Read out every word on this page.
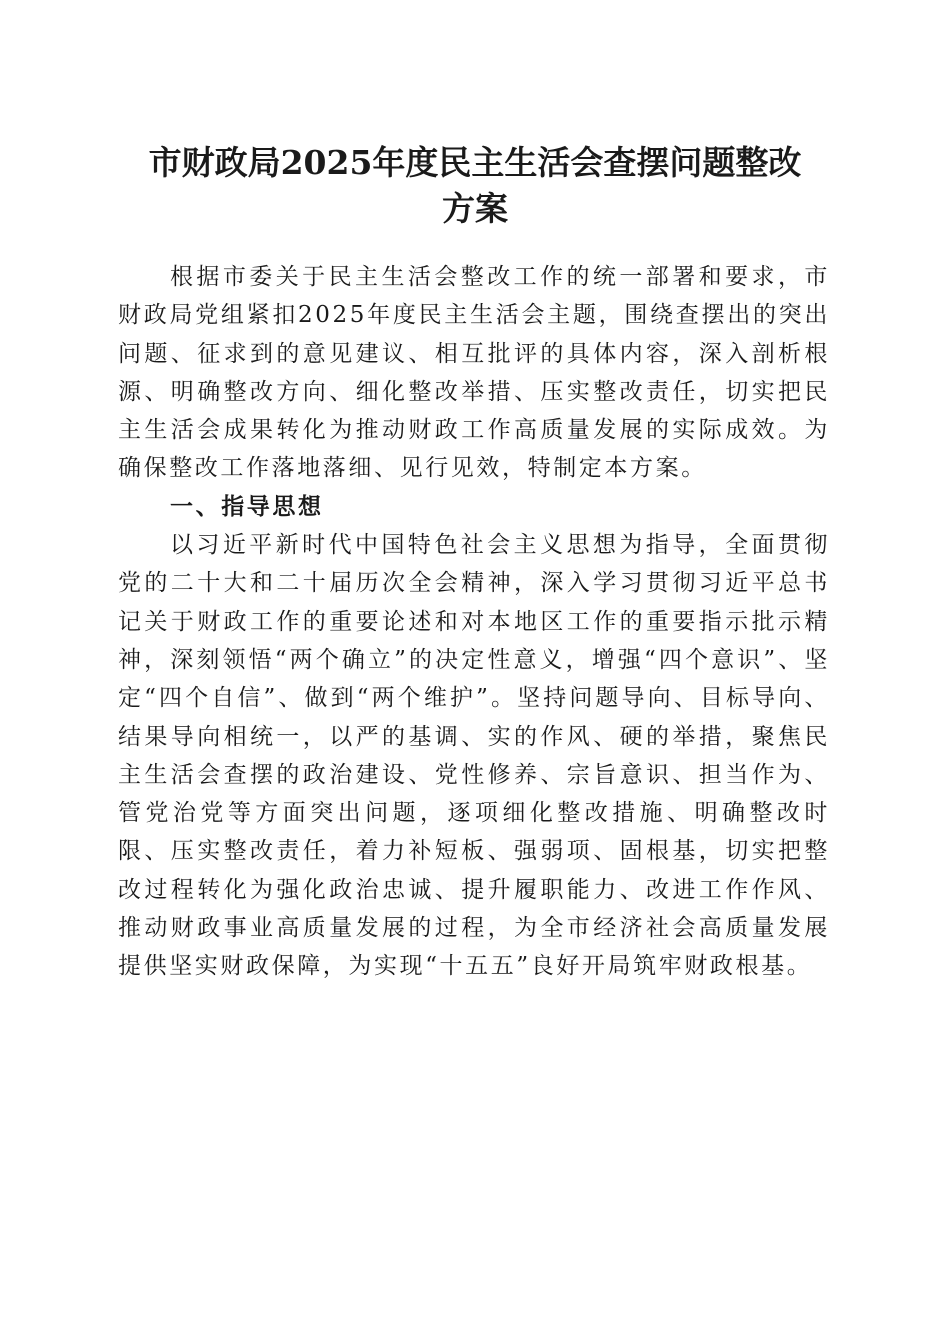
市财政局2025年度民主生活会查摆问题整改
方案

根据市委关于民主生活会整改工作的统一部署和要求，市财政局党组紧扣2025年度民主生活会主题，围绕查摆出的突出问题、征求到的意见建议、相互批评的具体内容，深入剖析根源、明确整改方向、细化整改举措、压实整改责任，切实把民主生活会成果转化为推动财政工作高质量发展的实际成效。为确保整改工作落地落细、见行见效，特制定本方案。

一、指导思想

以习近平新时代中国特色社会主义思想为指导，全面贯彻党的二十大和二十届历次全会精神，深入学习贯彻习近平总书记关于财政工作的重要论述和对本地区工作的重要指示批示精神，深刻领悟“两个确立”的决定性意义，增强“四个意识”、坚定“四个自信”、做到“两个维护”。坚持问题导向、目标导向、结果导向相统一，以严的基调、实的作风、硬的举措，聚焦民主生活会查摆的政治建设、党性修养、宗旨意识、担当作为、管党治党等方面突出问题，逐项细化整改措施、明确整改时限、压实整改责任，着力补短板、强弱项、固根基，切实把整改过程转化为强化政治忠诚、提升履职能力、改进工作作风、推动财政事业高质量发展的过程，为全市经济社会高质量发展提供坚实财政保障，为实现“十五五”良好开局筑牢财政根基。
